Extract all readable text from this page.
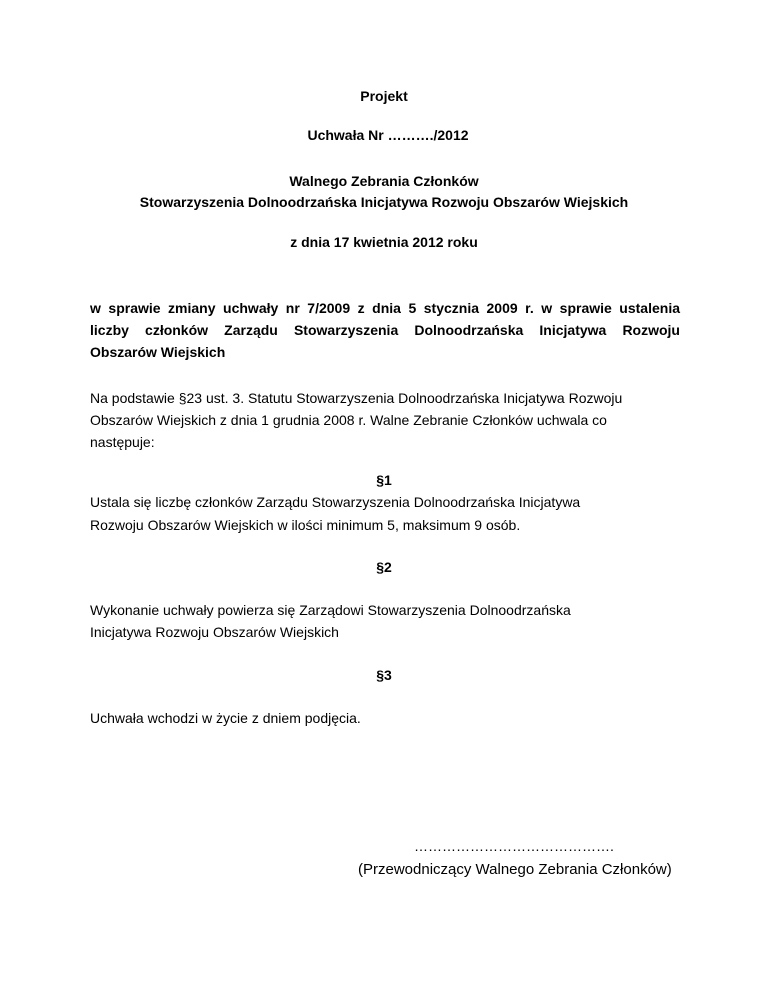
Projekt
Uchwała Nr ………./2012
Walnego Zebrania Członków
Stowarzyszenia Dolnoodrzańska Inicjatywa Rozwoju Obszarów Wiejskich
z dnia 17 kwietnia 2012 roku
w sprawie zmiany uchwały nr 7/2009 z dnia 5 stycznia 2009 r. w sprawie ustalenia
liczby członków Zarządu Stowarzyszenia Dolnoodrzańska Inicjatywa Rozwoju
Obszarów Wiejskich
Na podstawie §23 ust. 3. Statutu Stowarzyszenia Dolnoodrzańska Inicjatywa Rozwoju
Obszarów Wiejskich z dnia 1 grudnia 2008 r. Walne Zebranie Członków uchwala co
następuje:
§1
Ustala się liczbę członków Zarządu Stowarzyszenia Dolnoodrzańska Inicjatywa
Rozwoju Obszarów Wiejskich w ilości minimum 5, maksimum 9 osób.
§2
Wykonanie uchwały powierza się Zarządowi Stowarzyszenia Dolnoodrzańska
Inicjatywa Rozwoju Obszarów Wiejskich
§3
Uchwała wchodzi w życie z dniem podjęcia.
…………………………………….
(Przewodniczący Walnego Zebrania Członków)
